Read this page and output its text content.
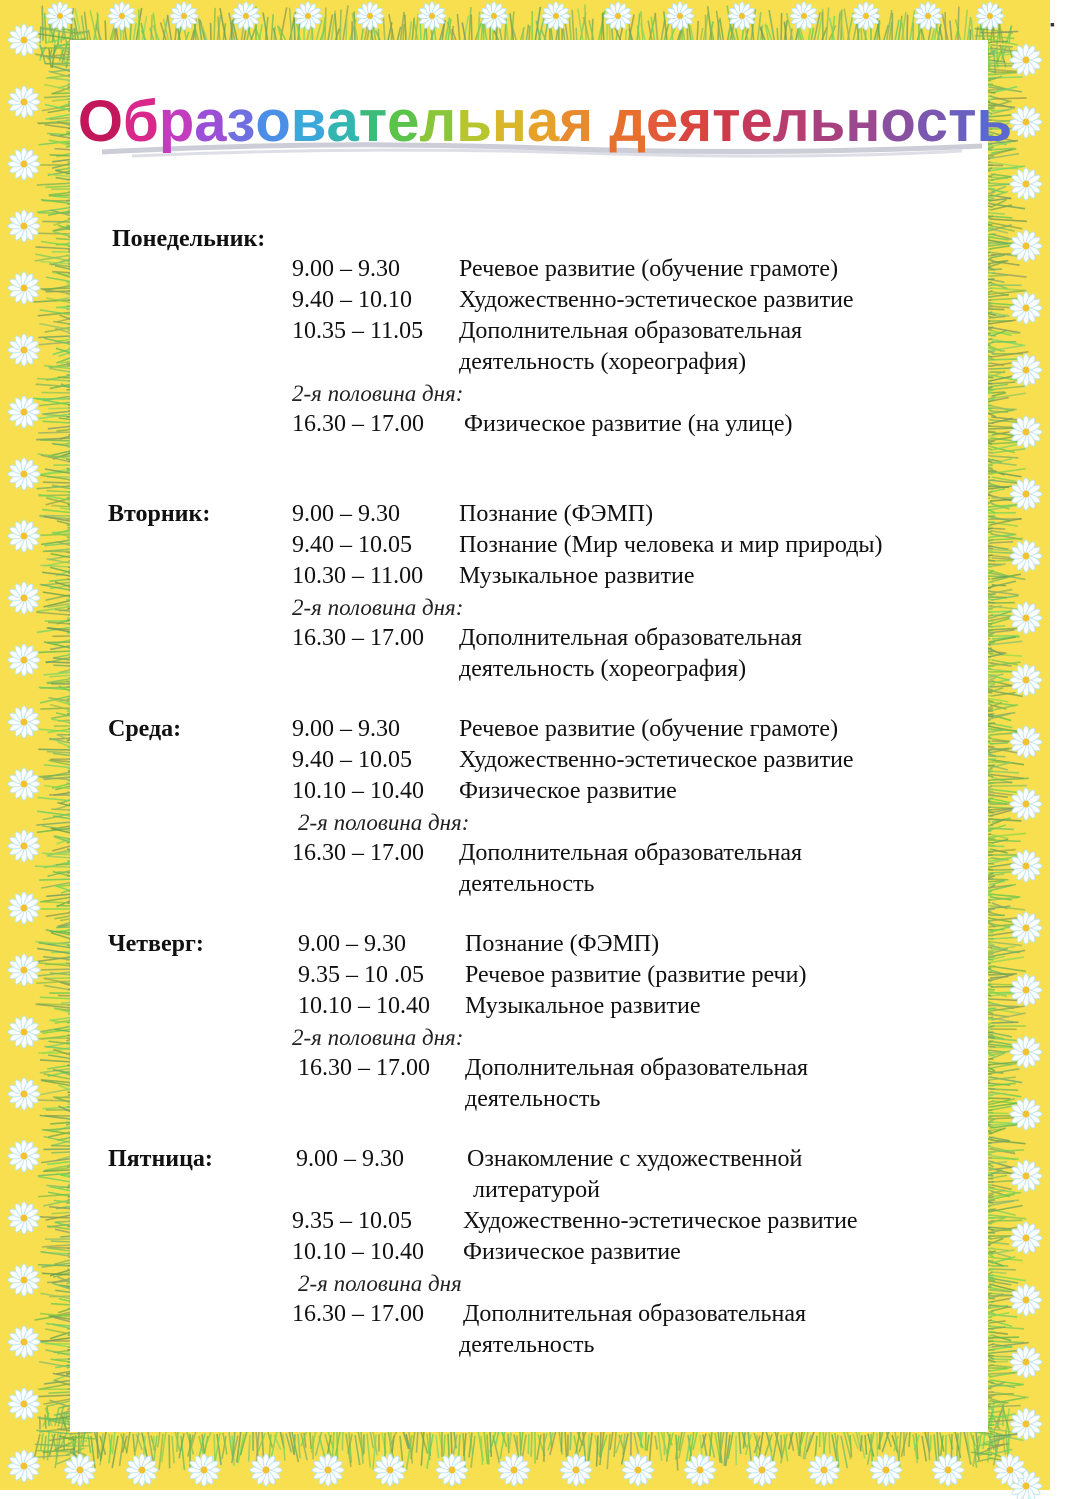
Образовательная деятельность
Понедельник:
9.00 – 9.30 Речевое развитие (обучение грамоте)
9.40 – 10.10 Художественно-эстетическое развитие
10.35 – 11.05 Дополнительная образовательная
деятельность (хореография)
2-я половина дня:
16.30 – 17.00 Физическое развитие (на улице)
Вторник:	9.00 – 9.30 Познание (ФЭМП)
9.40 – 10.05 Познание (Мир человека и мир природы)
10.30 – 11.00 Музыкальное развитие
2-я половина дня:
16.30 – 17.00 Дополнительная образовательная
деятельность (хореография)
Среда:	9.00 – 9.30 Речевое развитие (обучение грамоте)
9.40 – 10.05 Художественно-эстетическое развитие
10.10 – 10.40 Физическое развитие
2-я половина дня:
16.30 – 17.00 Дополнительная образовательная
деятельность
Четверг:	9.00 – 9.30 Познание (ФЭМП)
9.35 – 10 .05 Речевое развитие (развитие речи)
10.10 – 10.40 Музыкальное развитие
2-я половина дня:
16.30 – 17.00 Дополнительная образовательная
деятельность
Пятница:	9.00 – 9.30	Ознакомление с художественной
литературой
9.35 – 10.05 Художественно-эстетическое развитие
10.10 – 10.40 Физическое развитие
2-я половина дня
16.30 – 17.00 Дополнительная образовательная
деятельность
▪
